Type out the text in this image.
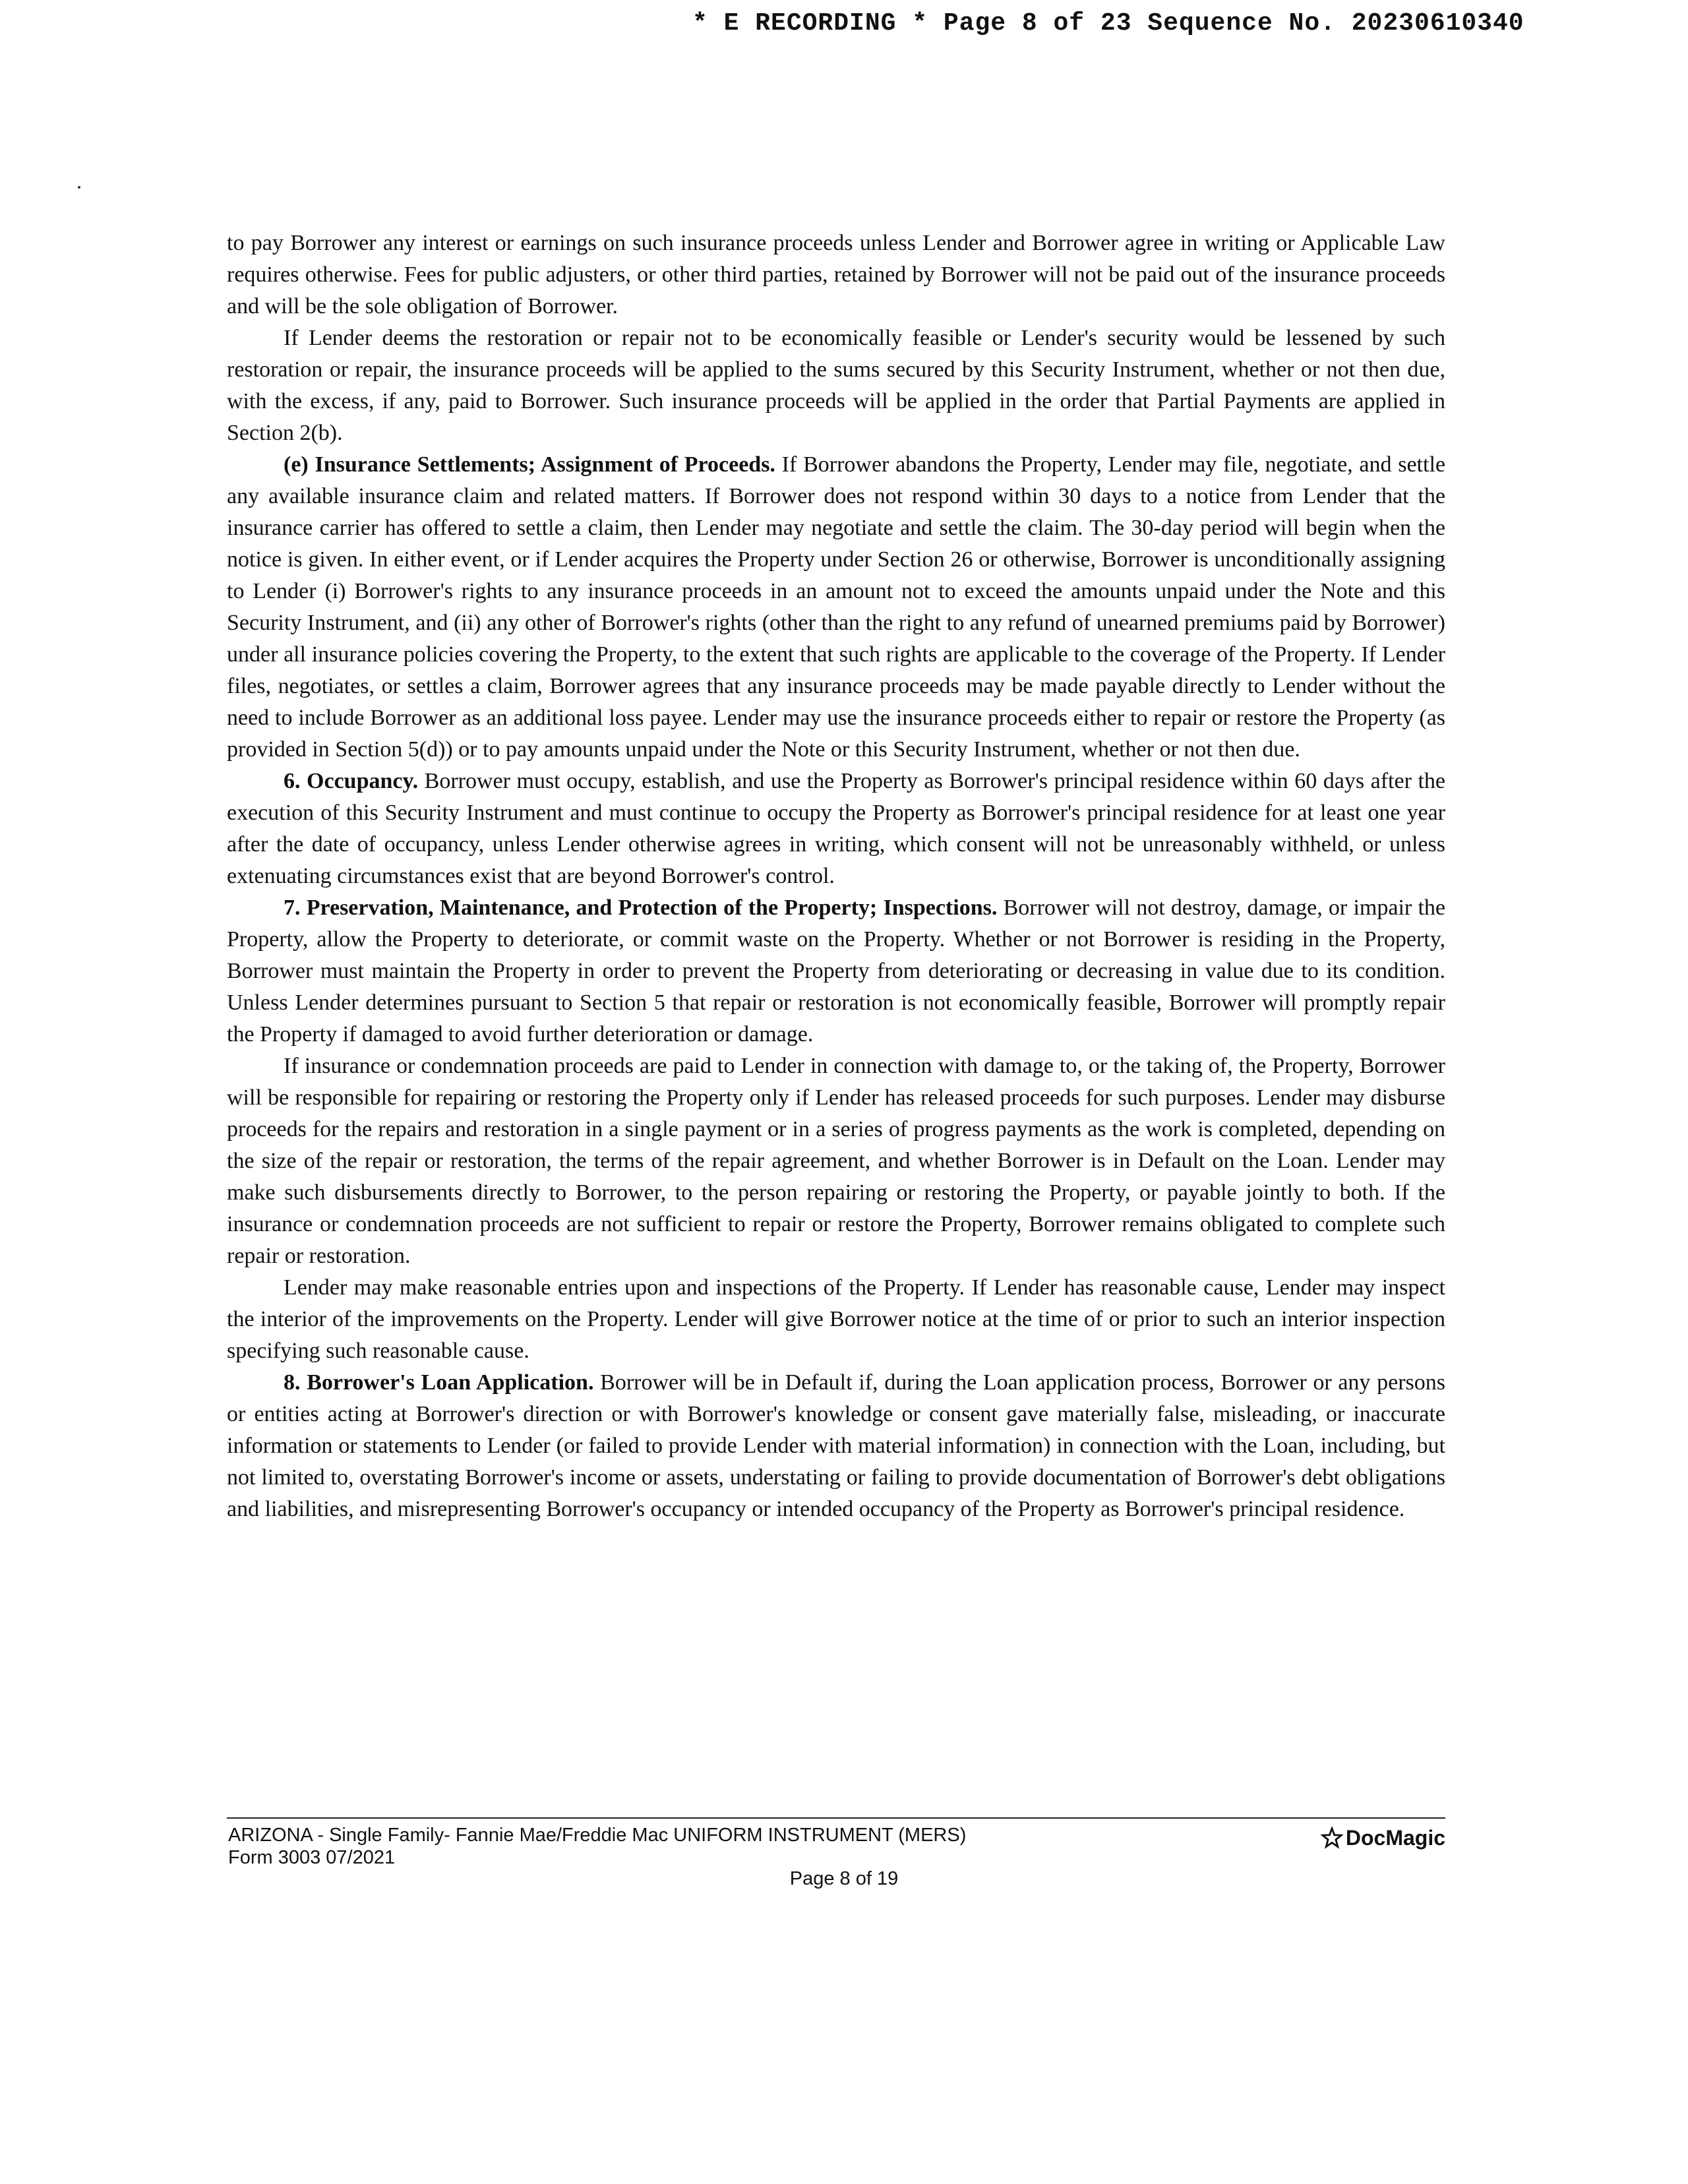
* E RECORDING * Page 8 of 23 Sequence No. 20230610340

to pay Borrower any interest or earnings on such insurance proceeds unless Lender and Borrower agree in writing or Applicable Law requires otherwise. Fees for public adjusters, or other third parties, retained by Borrower will not be paid out of the insurance proceeds and will be the sole obligation of Borrower.

If Lender deems the restoration or repair not to be economically feasible or Lender's security would be lessened by such restoration or repair, the insurance proceeds will be applied to the sums secured by this Security Instrument, whether or not then due, with the excess, if any, paid to Borrower. Such insurance proceeds will be applied in the order that Partial Payments are applied in Section 2(b).

(e) Insurance Settlements; Assignment of Proceeds. If Borrower abandons the Property, Lender may file, negotiate, and settle any available insurance claim and related matters. If Borrower does not respond within 30 days to a notice from Lender that the insurance carrier has offered to settle a claim, then Lender may negotiate and settle the claim. The 30-day period will begin when the notice is given. In either event, or if Lender acquires the Property under Section 26 or otherwise, Borrower is unconditionally assigning to Lender (i) Borrower's rights to any insurance proceeds in an amount not to exceed the amounts unpaid under the Note and this Security Instrument, and (ii) any other of Borrower's rights (other than the right to any refund of unearned premiums paid by Borrower) under all insurance policies covering the Property, to the extent that such rights are applicable to the coverage of the Property. If Lender files, negotiates, or settles a claim, Borrower agrees that any insurance proceeds may be made payable directly to Lender without the need to include Borrower as an additional loss payee. Lender may use the insurance proceeds either to repair or restore the Property (as provided in Section 5(d)) or to pay amounts unpaid under the Note or this Security Instrument, whether or not then due.

6. Occupancy. Borrower must occupy, establish, and use the Property as Borrower's principal residence within 60 days after the execution of this Security Instrument and must continue to occupy the Property as Borrower's principal residence for at least one year after the date of occupancy, unless Lender otherwise agrees in writing, which consent will not be unreasonably withheld, or unless extenuating circumstances exist that are beyond Borrower's control.

7. Preservation, Maintenance, and Protection of the Property; Inspections. Borrower will not destroy, damage, or impair the Property, allow the Property to deteriorate, or commit waste on the Property. Whether or not Borrower is residing in the Property, Borrower must maintain the Property in order to prevent the Property from deteriorating or decreasing in value due to its condition. Unless Lender determines pursuant to Section 5 that repair or restoration is not economically feasible, Borrower will promptly repair the Property if damaged to avoid further deterioration or damage.

If insurance or condemnation proceeds are paid to Lender in connection with damage to, or the taking of, the Property, Borrower will be responsible for repairing or restoring the Property only if Lender has released proceeds for such purposes. Lender may disburse proceeds for the repairs and restoration in a single payment or in a series of progress payments as the work is completed, depending on the size of the repair or restoration, the terms of the repair agreement, and whether Borrower is in Default on the Loan. Lender may make such disbursements directly to Borrower, to the person repairing or restoring the Property, or payable jointly to both. If the insurance or condemnation proceeds are not sufficient to repair or restore the Property, Borrower remains obligated to complete such repair or restoration.

Lender may make reasonable entries upon and inspections of the Property. If Lender has reasonable cause, Lender may inspect the interior of the improvements on the Property. Lender will give Borrower notice at the time of or prior to such an interior inspection specifying such reasonable cause.

8. Borrower's Loan Application. Borrower will be in Default if, during the Loan application process, Borrower or any persons or entities acting at Borrower's direction or with Borrower's knowledge or consent gave materially false, misleading, or inaccurate information or statements to Lender (or failed to provide Lender with material information) in connection with the Loan, including, but not limited to, overstating Borrower's income or assets, understating or failing to provide documentation of Borrower's debt obligations and liabilities, and misrepresenting Borrower's occupancy or intended occupancy of the Property as Borrower's principal residence.

ARIZONA - Single Family- Fannie Mae/Freddie Mac UNIFORM INSTRUMENT (MERS)
Form 3003 07/2021
DocMagic
Page 8 of 19
